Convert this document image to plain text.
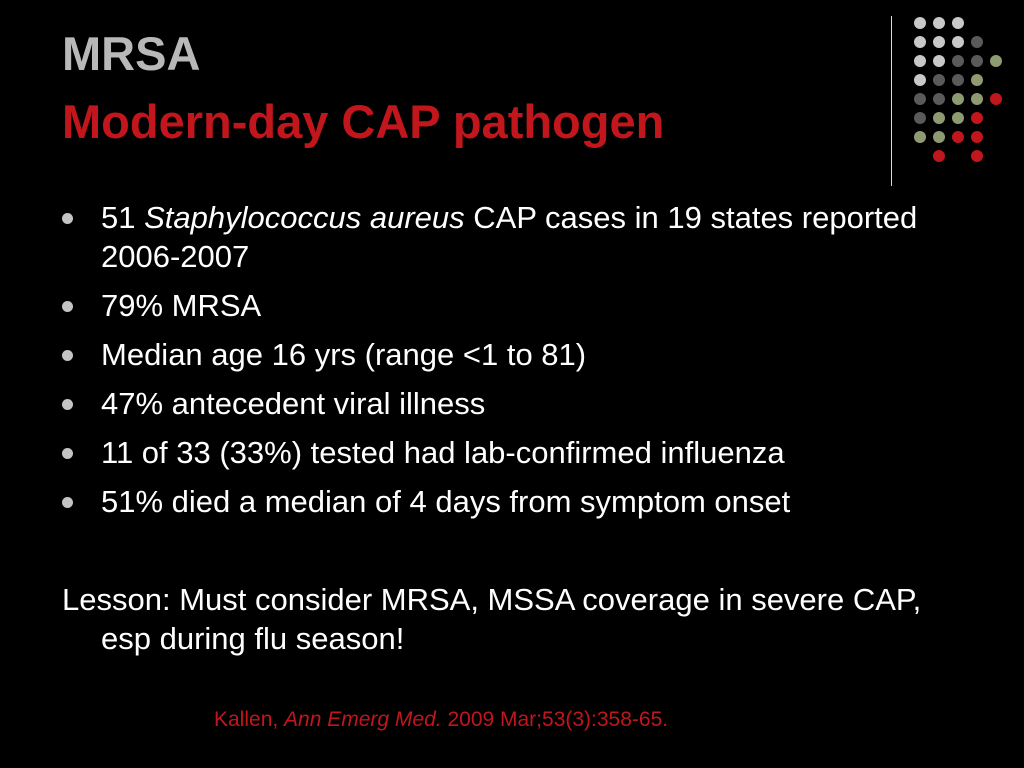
MRSA
Modern-day CAP pathogen
51 Staphylococcus aureus CAP cases in 19 states reported 2006-2007
79% MRSA
Median age 16 yrs (range <1 to 81)
47% antecedent viral illness
11 of 33 (33%) tested had lab-confirmed influenza
51% died a median of 4 days from symptom onset
Lesson: Must consider MRSA, MSSA coverage in severe CAP, esp during flu season!
Kallen, Ann Emerg Med. 2009 Mar;53(3):358-65.
